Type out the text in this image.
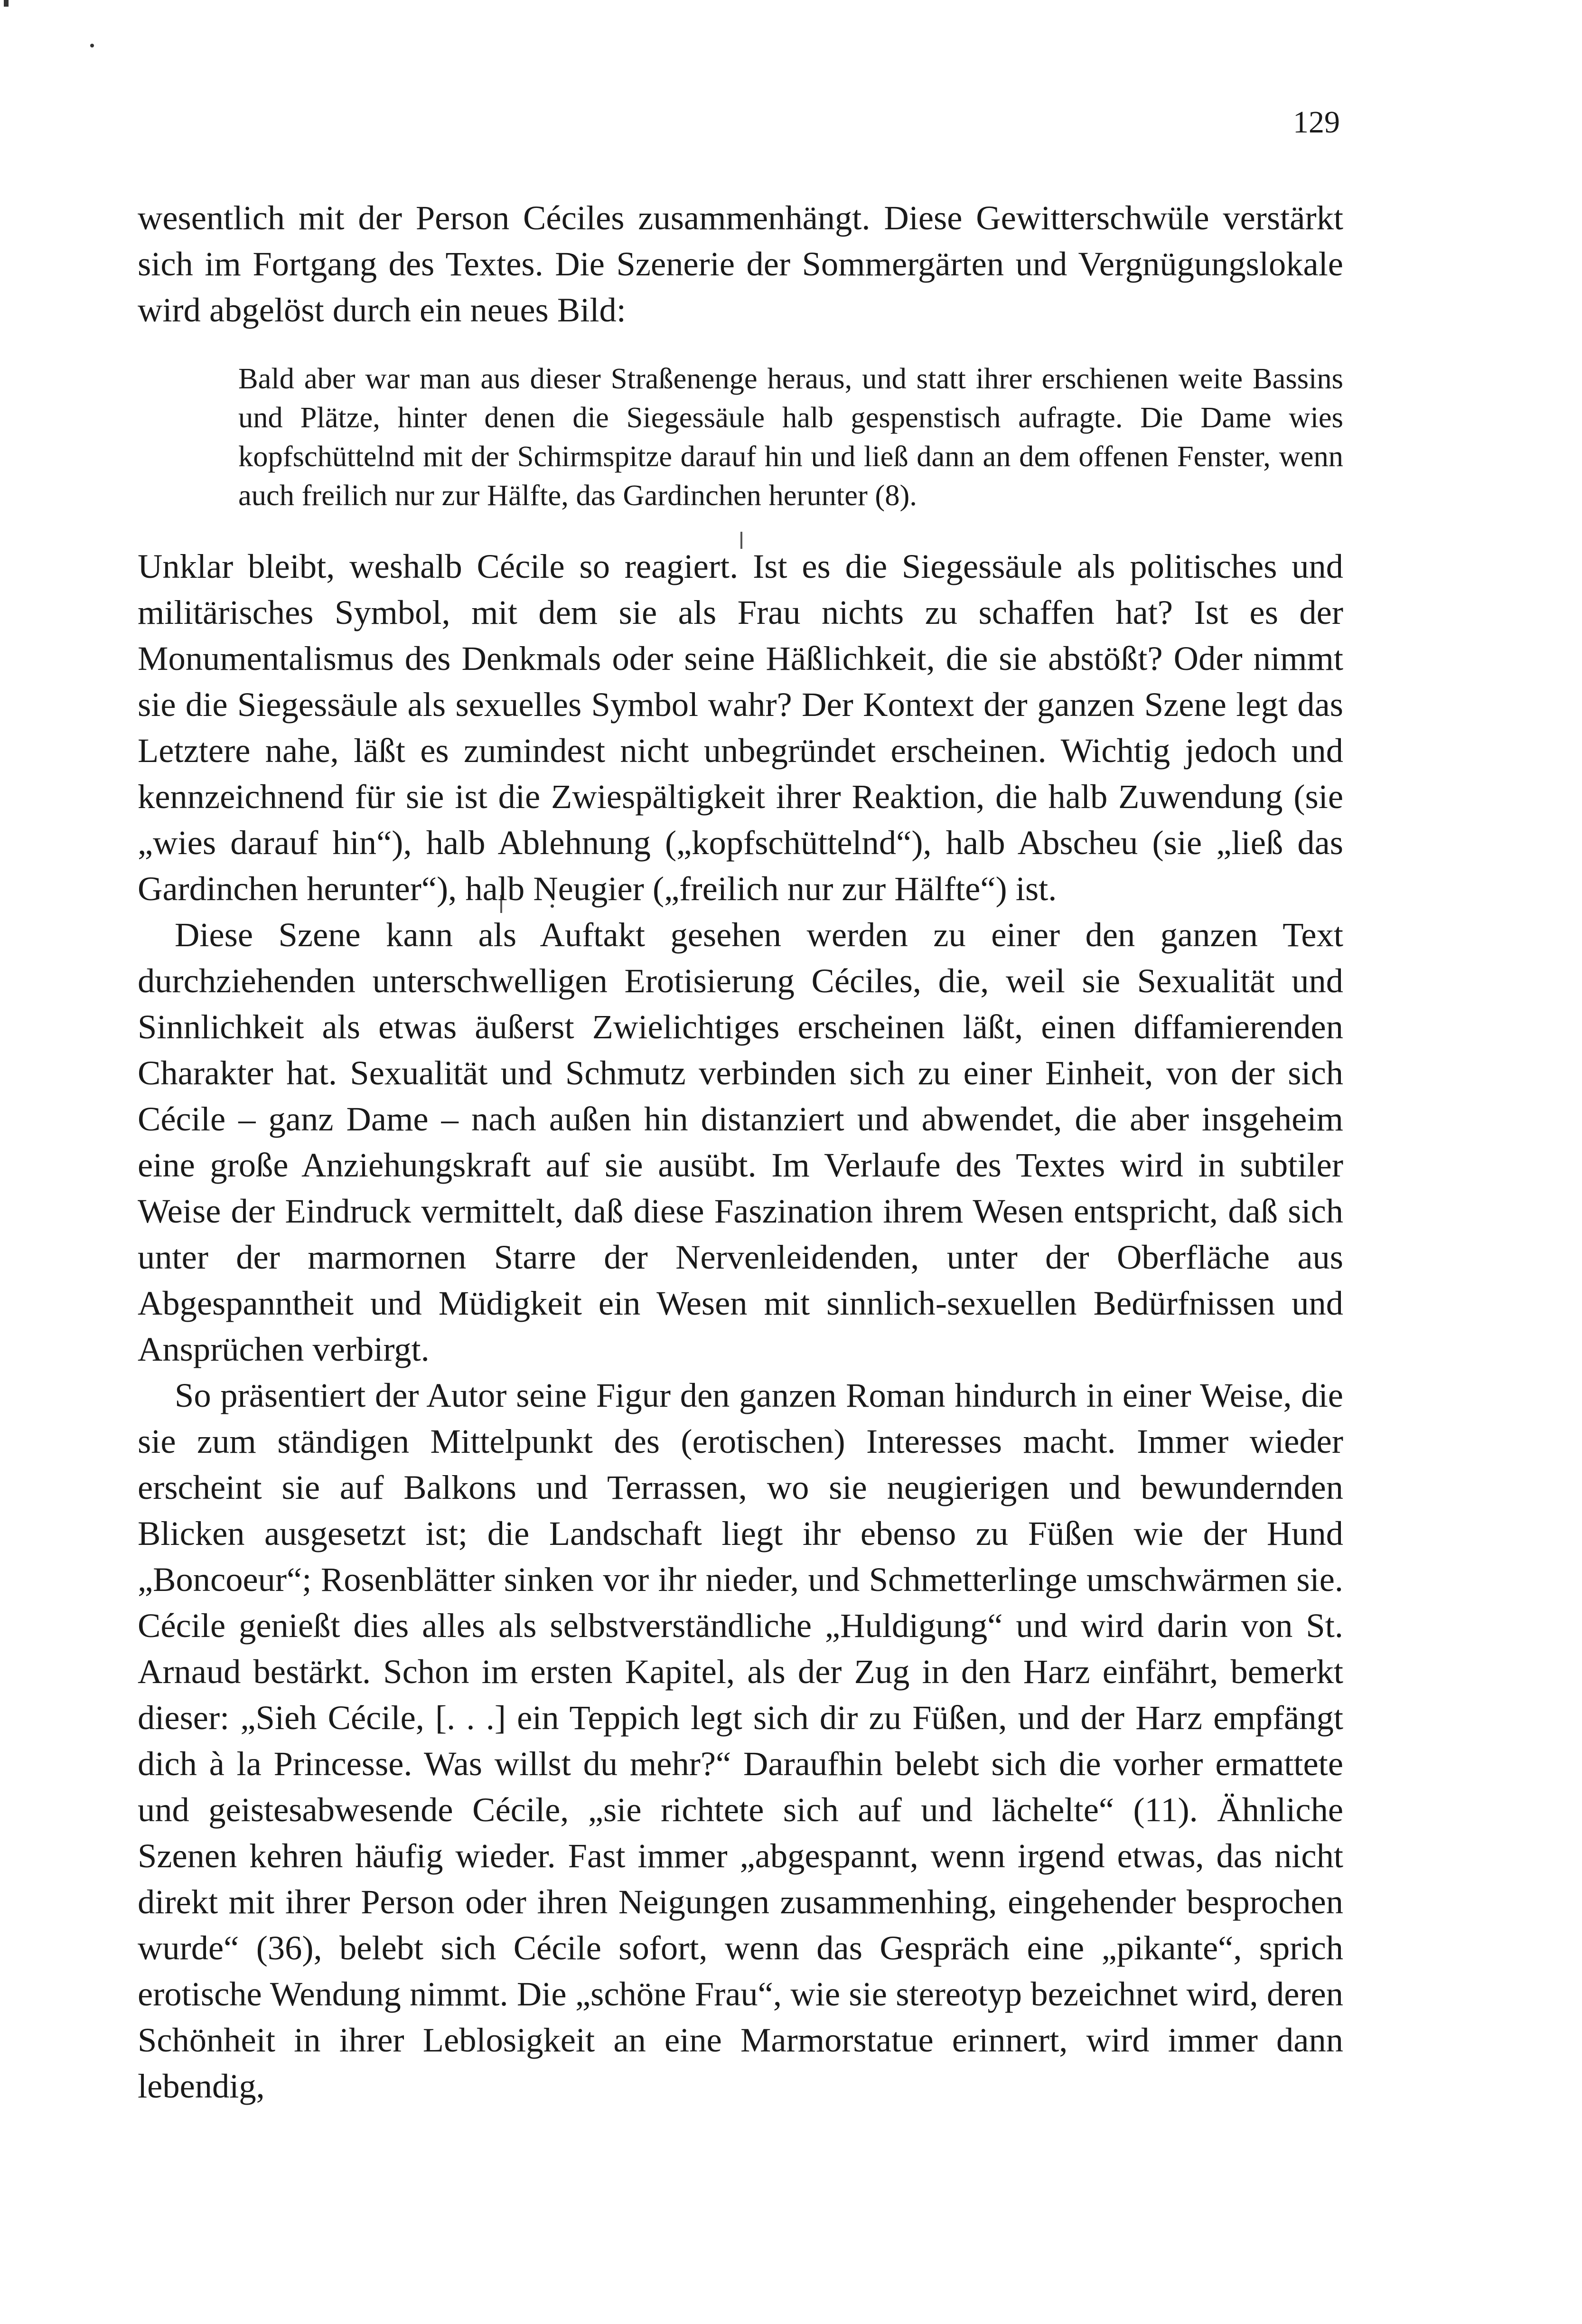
129

wesentlich mit der Person Céciles zusammenhängt. Diese Gewitterschwüle verstärkt sich im Fortgang des Textes. Die Szenerie der Sommergärten und Vergnügungslokale wird abgelöst durch ein neues Bild:

Bald aber war man aus dieser Straßenenge heraus, und statt ihrer erschienen weite Bassins und Plätze, hinter denen die Siegessäule halb gespenstisch aufragte. Die Dame wies kopfschüttelnd mit der Schirmspitze darauf hin und ließ dann an dem offenen Fenster, wenn auch freilich nur zur Hälfte, das Gardinchen herunter (8).

Unklar bleibt, weshalb Cécile so reagiert. Ist es die Siegessäule als politisches und militärisches Symbol, mit dem sie als Frau nichts zu schaffen hat? Ist es der Monumentalismus des Denkmals oder seine Häßlichkeit, die sie abstößt? Oder nimmt sie die Siegessäule als sexuelles Symbol wahr? Der Kontext der ganzen Szene legt das Letztere nahe, läßt es zumindest nicht unbegründet erscheinen. Wichtig jedoch und kennzeichnend für sie ist die Zwiespältigkeit ihrer Reaktion, die halb Zuwendung (sie „wies darauf hin“), halb Ablehnung („kopfschüttelnd“), halb Abscheu (sie „ließ das Gardinchen herunter“), halb Neugier („freilich nur zur Hälfte“) ist.

Diese Szene kann als Auftakt gesehen werden zu einer den ganzen Text durchziehenden unterschwelligen Erotisierung Céciles, die, weil sie Sexualität und Sinnlichkeit als etwas äußerst Zwielichtiges erscheinen läßt, einen diffamierenden Charakter hat. Sexualität und Schmutz verbinden sich zu einer Einheit, von der sich Cécile – ganz Dame – nach außen hin distanziert und abwendet, die aber insgeheim eine große Anziehungskraft auf sie ausübt. Im Verlaufe des Textes wird in subtiler Weise der Eindruck vermittelt, daß diese Faszination ihrem Wesen entspricht, daß sich unter der marmornen Starre der Nervenleidenden, unter der Oberfläche aus Abgespanntheit und Müdigkeit ein Wesen mit sinnlich-sexuellen Bedürfnissen und Ansprüchen verbirgt.

So präsentiert der Autor seine Figur den ganzen Roman hindurch in einer Weise, die sie zum ständigen Mittelpunkt des (erotischen) Interesses macht. Immer wieder erscheint sie auf Balkons und Terrassen, wo sie neugierigen und bewundernden Blicken ausgesetzt ist; die Landschaft liegt ihr ebenso zu Füßen wie der Hund „Boncoeur“; Rosenblätter sinken vor ihr nieder, und Schmetterlinge umschwärmen sie. Cécile genießt dies alles als selbstverständliche „Huldigung“ und wird darin von St. Arnaud bestärkt. Schon im ersten Kapitel, als der Zug in den Harz einfährt, bemerkt dieser: „Sieh Cécile, [. . .] ein Teppich legt sich dir zu Füßen, und der Harz empfängt dich à la Princesse. Was willst du mehr?“ Daraufhin belebt sich die vorher ermattete und geistesabwesende Cécile, „sie richtete sich auf und lächelte“ (11). Ähnliche Szenen kehren häufig wieder. Fast immer „abgespannt, wenn irgend etwas, das nicht direkt mit ihrer Person oder ihren Neigungen zusammenhing, eingehender besprochen wurde“ (36), belebt sich Cécile sofort, wenn das Gespräch eine „pikante“, sprich erotische Wendung nimmt. Die „schöne Frau“, wie sie stereotyp bezeichnet wird, deren Schönheit in ihrer Leblosigkeit an eine Marmorstatue erinnert, wird immer dann lebendig,
